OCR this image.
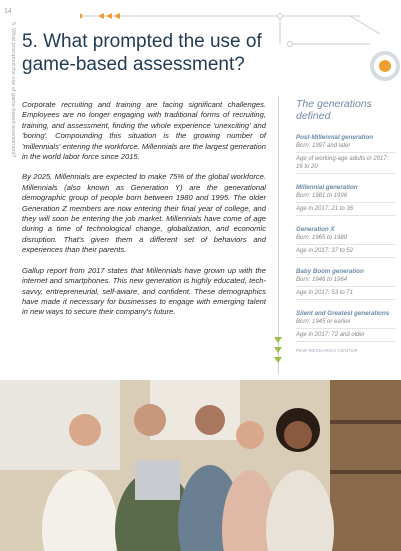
14
5. What prompted the use of game-based assessment? 5. What prompted the use of game-based assessment?

Corporate recruiting and training are facing significant challenges. Employees are no longer engaging with traditional forms of recruiting, training, and assessment, finding the whole experience 'unexciting' and 'boring'. Compounding this situation is the growing number of 'millennials' entering the workforce. Millennials are the largest generation in the world labor force since 2015.

By 2025, Millennials are expected to make 75% of the global workforce. Millennials (also known as Generation Y) are the generational demographic group of people born between 1980 and 1995. The older Generation Z members are now entering their final year of college, and they will soon be entering the job market. Millennials have come of age during a time of technological change, globalization, and economic disruption. That's given them a different set of behaviors and experiences than their parents.

Gallup report from 2017 states that Millennials have grown up with the internet and smartphones. This new generation is highly educated, tech-savvy, entrepreneurial, self-aware, and confident. These demographics have made it necessary for businesses to engage with emerging talent in new ways to secure their company's future.

The generations defined
Post-Millennial generation
Born: 1997 and later
Age of working-age adults in 2017: 16 to 20
Millennial generation
Born: 1981 to 1996
Age in 2017: 21 to 36
Generation X
Born: 1965 to 1980
Age in 2017: 37 to 52
Baby Boom generation
Born: 1946 to 1964
Age in 2017: 53 to 71
Silent and Greatest generations
Born: 1945 or earlier
Age in 2017: 72 and older
PEW RESEARCH CENTER
